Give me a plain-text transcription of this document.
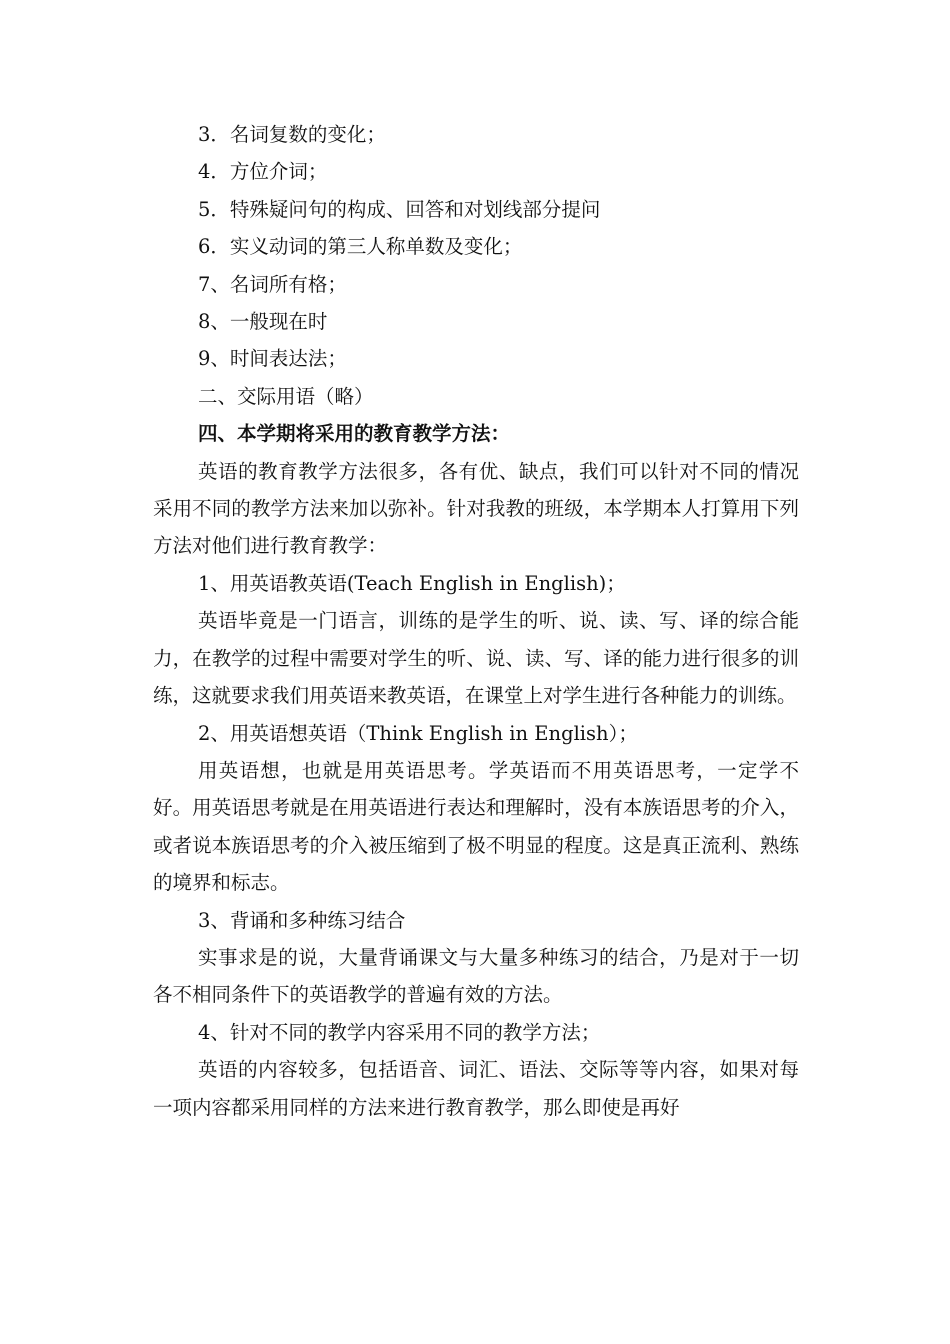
3．名词复数的变化；
4．方位介词；
5．特殊疑问句的构成、回答和对划线部分提问
6．实义动词的第三人称单数及变化；
7、名词所有格；
8、一般现在时
9、时间表达法；
二、交际用语（略）
四、本学期将采用的教育教学方法：
英语的教育教学方法很多，各有优、缺点，我们可以针对不同的情况采用不同的教学方法来加以弥补。针对我教的班级，本学期本人打算用下列方法对他们进行教育教学：
1、用英语教英语(Teach English in English)；
英语毕竟是一门语言，训练的是学生的听、说、读、写、译的综合能力，在教学的过程中需要对学生的听、说、读、写、译的能力进行很多的训练，这就要求我们用英语来教英语，在课堂上对学生进行各种能力的训练。
2、用英语想英语（Think English in English）；
用英语想，也就是用英语思考。学英语而不用英语思考，一定学不好。用英语思考就是在用英语进行表达和理解时，没有本族语思考的介入，或者说本族语思考的介入被压缩到了极不明显的程度。这是真正流利、熟练的境界和标志。
3、背诵和多种练习结合
实事求是的说，大量背诵课文与大量多种练习的结合，乃是对于一切各不相同条件下的英语教学的普遍有效的方法。
4、针对不同的教学内容采用不同的教学方法；
英语的内容较多，包括语音、词汇、语法、交际等等内容，如果对每一项内容都采用同样的方法来进行教育教学，那么即使是再好
